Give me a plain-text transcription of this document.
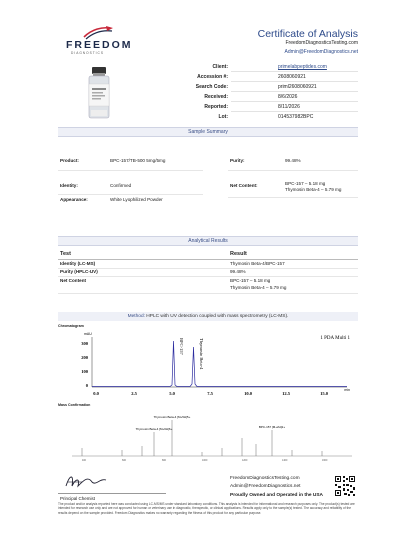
FREEDOM
DIAGNOSTICS
Certificate of Analysis
FreedomDiagnosticsTesting.com
Admin@FreedomDiagnostics.net
Client:	primelabpeptides.com
Accession #:	2608060921
Search Code:	priml2608060921
Received:	8/6/2026
Reported:	8/11/2026
Lot:	014537982BPC
Sample Summary
Product:	BPC-157/TB-500 5mg/5mg	Purity:	99.48%
Identity:	Confirmed	Net Content:	BPC-157 – 5.18 mg
Thymosin Beta-4 – 5.79 mg
Appearance:	White Lyophilized Powder
Analytical Results
Test	Result
Identity (LC-MS)	Thymosin Beta-4/BPC-157
Purity (HPLC-UV)	99.48%
Net Content	BPC-157 – 5.18 mg
Thymosin Beta-4 – 5.79 mg
Method: HPLC with UV detection coupled with mass spectrometry (LC-MS).
Chromatogram
1 PDA Multi 1
mAU
300
200
100
0
0.0	2.5	5.0	7.5	10.0	12.5	15.0
min
BPC-157	Thymosin Beta-4
Mass Confirmation
Thymosin Beta-4 [M+5H]5+
Thymosin Beta-4 [M+6H]6+	BPC-157 [M+2H]2+
400	600	800	1000	1200	1400	1600
Principal Chemist
FreedomDiagnosticsTesting.com
Admin@FreedomDiagnostics.net
Proudly Owned and Operated in the USA
The product and/or analysis reported here was conducted using LC-MS/MS under standard laboratory conditions. This analysis is intended for informational and research purposes only. The product(s) tested are intended for research use only and are not approved for human or veterinary use in diagnostic, therapeutic, or clinical applications. Results apply only to the sample(s) tested. The accuracy and reliability of the results depend on the sample provided. Freedom Diagnostics makes no warranty regarding the fitness of this product for any particular purpose.
